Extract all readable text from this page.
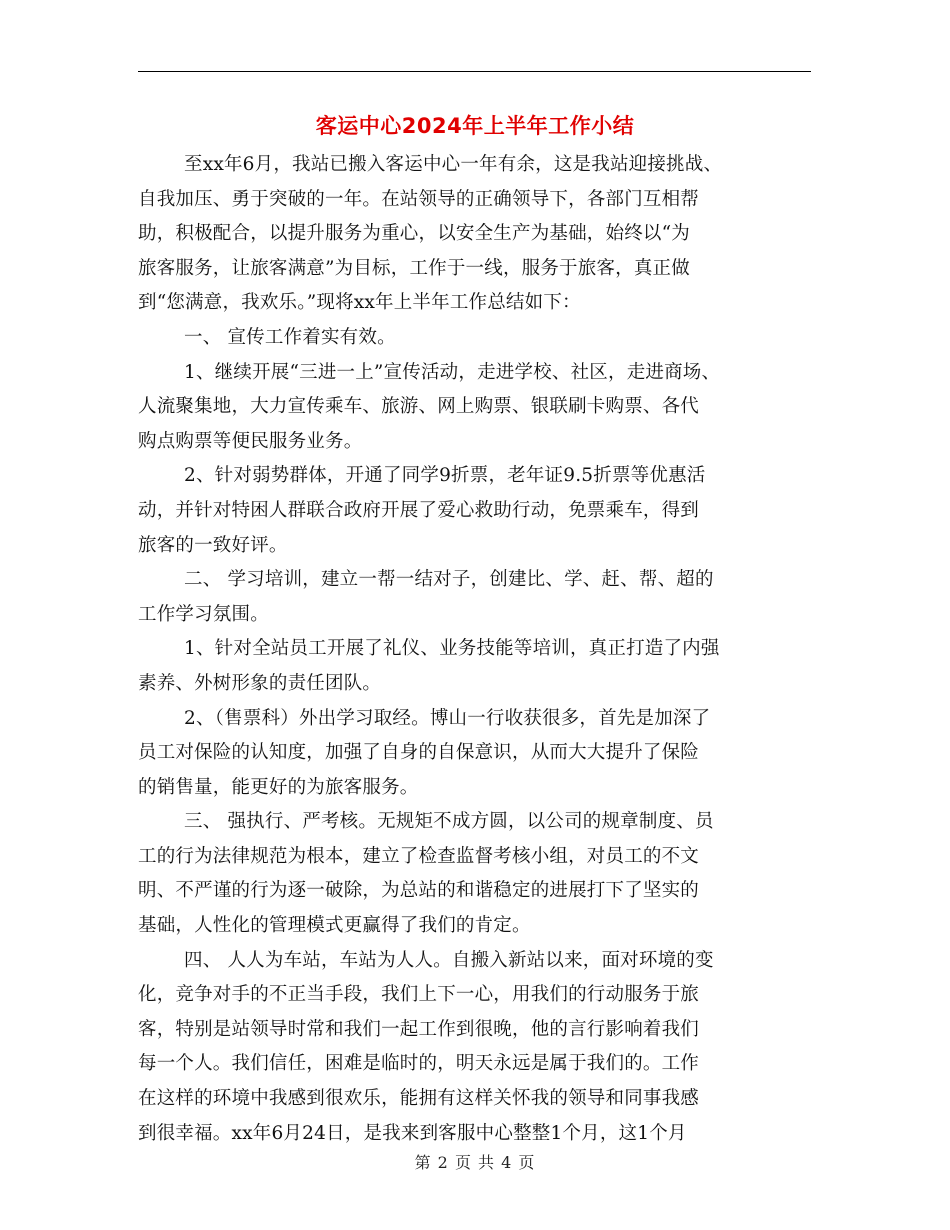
客运中心2024年上半年工作小结
至xx年6月，我站已搬入客运中心一年有余，这是我站迎接挑战、
自我加压、勇于突破的一年。在站领导的正确领导下，各部门互相帮
助，积极配合，以提升服务为重心，以安全生产为基础，始终以“为
旅客服务，让旅客满意”为目标，工作于一线，服务于旅客，真正做
到“您满意，我欢乐。”现将xx年上半年工作总结如下：
一、 宣传工作着实有效。
1、继续开展“三进一上”宣传活动，走进学校、社区，走进商场、
人流聚集地，大力宣传乘车、旅游、网上购票、银联刷卡购票、各代
购点购票等便民服务业务。
2、针对弱势群体，开通了同学9折票，老年证9.5折票等优惠活
动，并针对特困人群联合政府开展了爱心救助行动，免票乘车，得到
旅客的一致好评。
二、 学习培训，建立一帮一结对子，创建比、学、赶、帮、超的
工作学习氛围。
1、针对全站员工开展了礼仪、业务技能等培训，真正打造了内强
素养、外树形象的责任团队。
2、（售票科）外出学习取经。博山一行收获很多，首先是加深了
员工对保险的认知度，加强了自身的自保意识，从而大大提升了保险
的销售量，能更好的为旅客服务。
三、 强执行、严考核。无规矩不成方圆，以公司的规章制度、员
工的行为法律规范为根本，建立了检查监督考核小组，对员工的不文
明、不严谨的行为逐一破除，为总站的和谐稳定的进展打下了坚实的
基础，人性化的管理模式更赢得了我们的肯定。
四、 人人为车站，车站为人人。自搬入新站以来，面对环境的变
化，竞争对手的不正当手段，我们上下一心，用我们的行动服务于旅
客，特别是站领导时常和我们一起工作到很晚，他的言行影响着我们
每一个人。我们信任，困难是临时的，明天永远是属于我们的。工作
在这样的环境中我感到很欢乐，能拥有这样关怀我的领导和同事我感
到很幸福。xx年6月24日，是我来到客服中心整整1个月，这1个月
第 2 页 共 4 页
